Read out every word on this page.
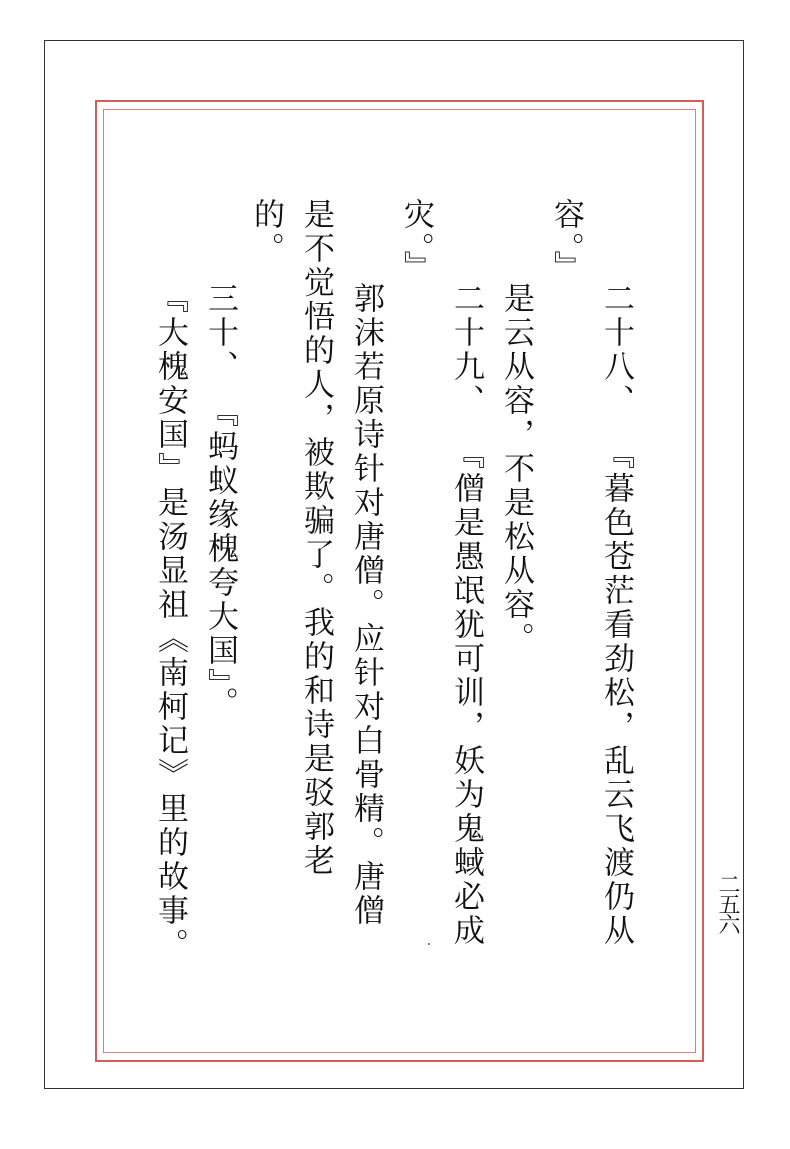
二十八、
『暮色苍茫看劲松，乱云飞渡仍从
容。』
是云从容，不是松从容。
二十九、
『僧是愚氓犹可训，妖为鬼蜮必成
灾。』
郭沫若原诗针对唐僧。应针对白骨精。唐僧
是不觉悟的人，被欺骗了。我的和诗是驳郭老
的。
三十、
『蚂蚁缘槐夸大国』。
『大槐安国』是汤显祖《南柯记》里的故事。	二五六
